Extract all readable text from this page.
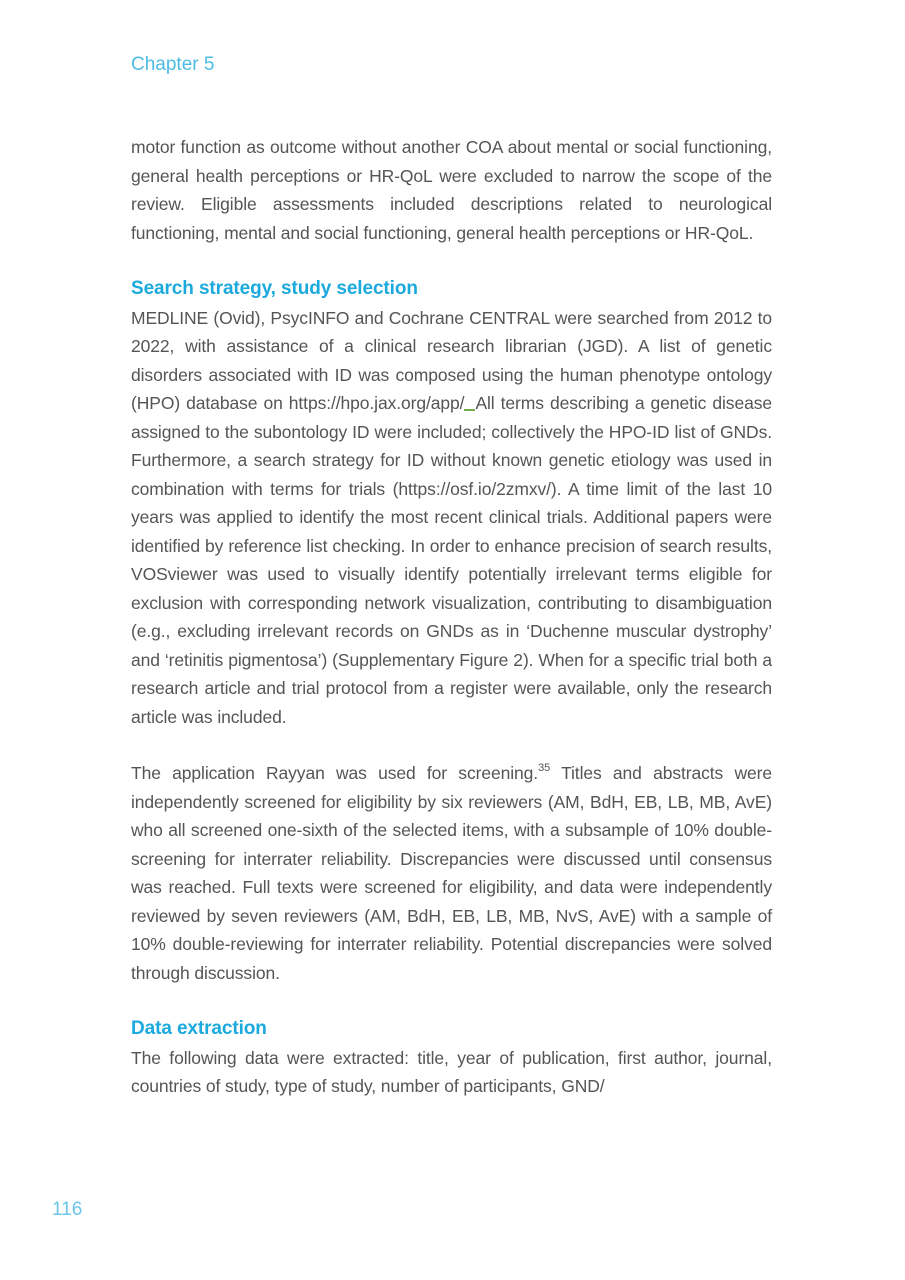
Chapter 5

motor function as outcome without another COA about mental or social functioning, general health perceptions or HR-QoL were excluded to narrow the scope of the review. Eligible assessments included descriptions related to neurological functioning, mental and social functioning, general health perceptions or HR-QoL.

Search strategy, study selection

MEDLINE (Ovid), PsycINFO and Cochrane CENTRAL were searched from 2012 to 2022, with assistance of a clinical research librarian (JGD). A list of genetic disorders associated with ID was composed using the human phenotype ontology (HPO) database on https://hpo.jax.org/app/ All terms describing a genetic disease assigned to the subontology ID were included; collectively the HPO-ID list of GNDs. Furthermore, a search strategy for ID without known genetic etiology was used in combination with terms for trials (https://osf.io/2zmxv/). A time limit of the last 10 years was applied to identify the most recent clinical trials. Additional papers were identified by reference list checking. In order to enhance precision of search results, VOSviewer was used to visually identify potentially irrelevant terms eligible for exclusion with corresponding network visualization, contributing to disambiguation (e.g., excluding irrelevant records on GNDs as in ‘Duchenne muscular dystrophy’ and ‘retinitis pigmentosa’) (Supplementary Figure 2). When for a specific trial both a research article and trial protocol from a register were available, only the research article was included.

The application Rayyan was used for screening.$^{35}$ Titles and abstracts were independently screened for eligibility by six reviewers (AM, BdH, EB, LB, MB, AvE) who all screened one-sixth of the selected items, with a subsample of 10% double-screening for interrater reliability. Discrepancies were discussed until consensus was reached. Full texts were screened for eligibility, and data were independently reviewed by seven reviewers (AM, BdH, EB, LB, MB, NvS, AvE) with a sample of 10% double-reviewing for interrater reliability. Potential discrepancies were solved through discussion.

Data extraction

The following data were extracted: title, year of publication, first author, journal, countries of study, type of study, number of participants, GND/

116
